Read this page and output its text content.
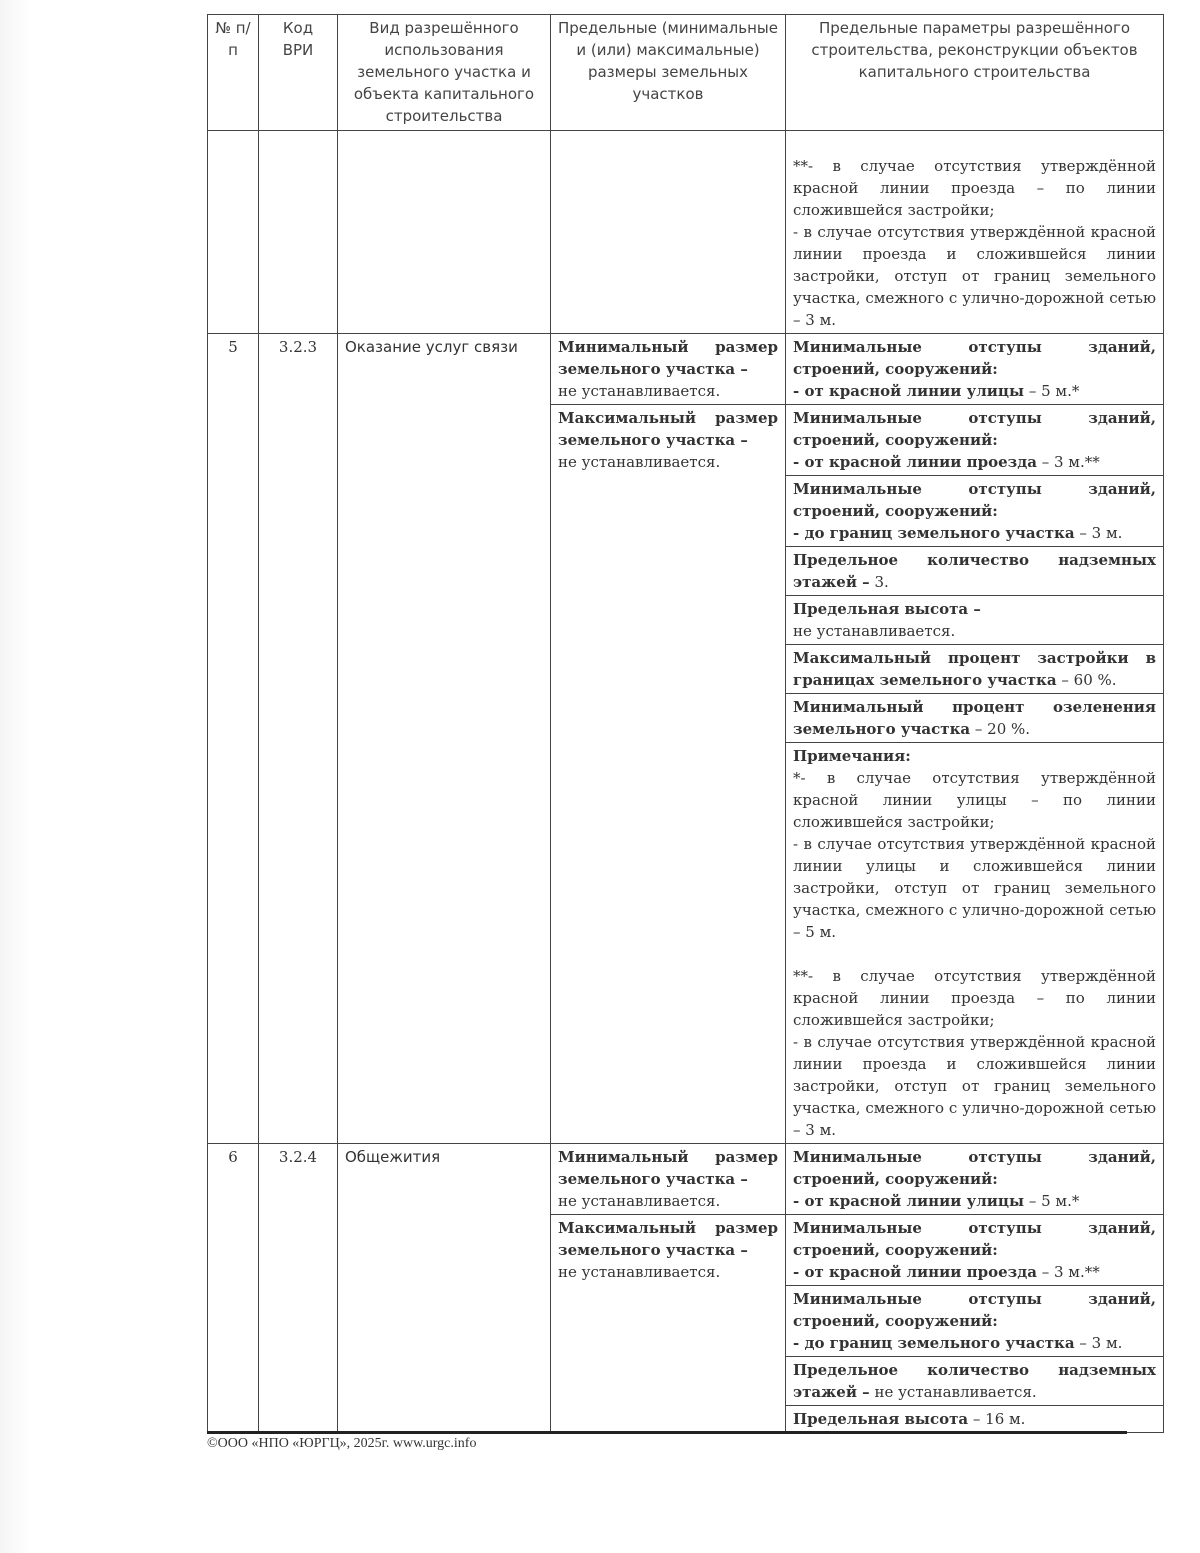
№ п/п	Код ВРИ	Вид разрешённого использования земельного участка и объекта капитального строительства	Предельные (минимальные и (или) максимальные) размеры земельных участков	Предельные параметры разрешённого строительства, реконструкции объектов капитального строительства

				**- в случае отсутствия утверждённой красной линии проезда – по линии сложившейся застройки;
- в случае отсутствия утверждённой красной линии проезда и сложившейся линии застройки, отступ от границ земельного участка, смежного с улично-дорожной сетью – 3 м.

5	3.2.3	Оказание услуг связи	Минимальный размер земельного участка –
не устанавливается.	Минимальные отступы зданий, строений, сооружений:
- от красной линии улицы – 5 м.*
			Максимальный размер земельного участка –
не устанавливается.	Минимальные отступы зданий, строений, сооружений:
- от красной линии проезда – 3 м.**

				Минимальные отступы зданий, строений, сооружений:
- до границ земельного участка – 3 м.
				Предельное количество надземных этажей – 3.

				Предельная высота –
не устанавливается.
				Максимальный процент застройки в границах земельного участка – 60 %.
				Минимальный процент озеленения земельного участка – 20 %.

				Примечания:
*- в случае отсутствия утверждённой красной линии улицы – по линии сложившейся застройки;
- в случае отсутствия утверждённой красной линии улицы и сложившейся линии застройки, отступ от границ земельного участка, смежного с улично-дорожной сетью – 5 м.
**- в случае отсутствия утверждённой красной линии проезда – по линии сложившейся застройки;
- в случае отсутствия утверждённой красной линии проезда и сложившейся линии застройки, отступ от границ земельного участка, смежного с улично-дорожной сетью – 3 м.

6	3.2.4	Общежития	Минимальный размер земельного участка –
не устанавливается.	Минимальные отступы зданий, строений, сооружений:
- от красной линии улицы – 5 м.*
			Максимальный размер земельного участка –
не устанавливается.	Минимальные отступы зданий, строений, сооружений:
- от красной линии проезда – 3 м.**

				Минимальные отступы зданий, строений, сооружений:
- до границ земельного участка – 3 м.
				Предельное количество надземных этажей – не устанавливается.
				Предельная высота – 16 м.
©ООО «НПО «ЮРГЦ», 2025г. www.urgc.info
